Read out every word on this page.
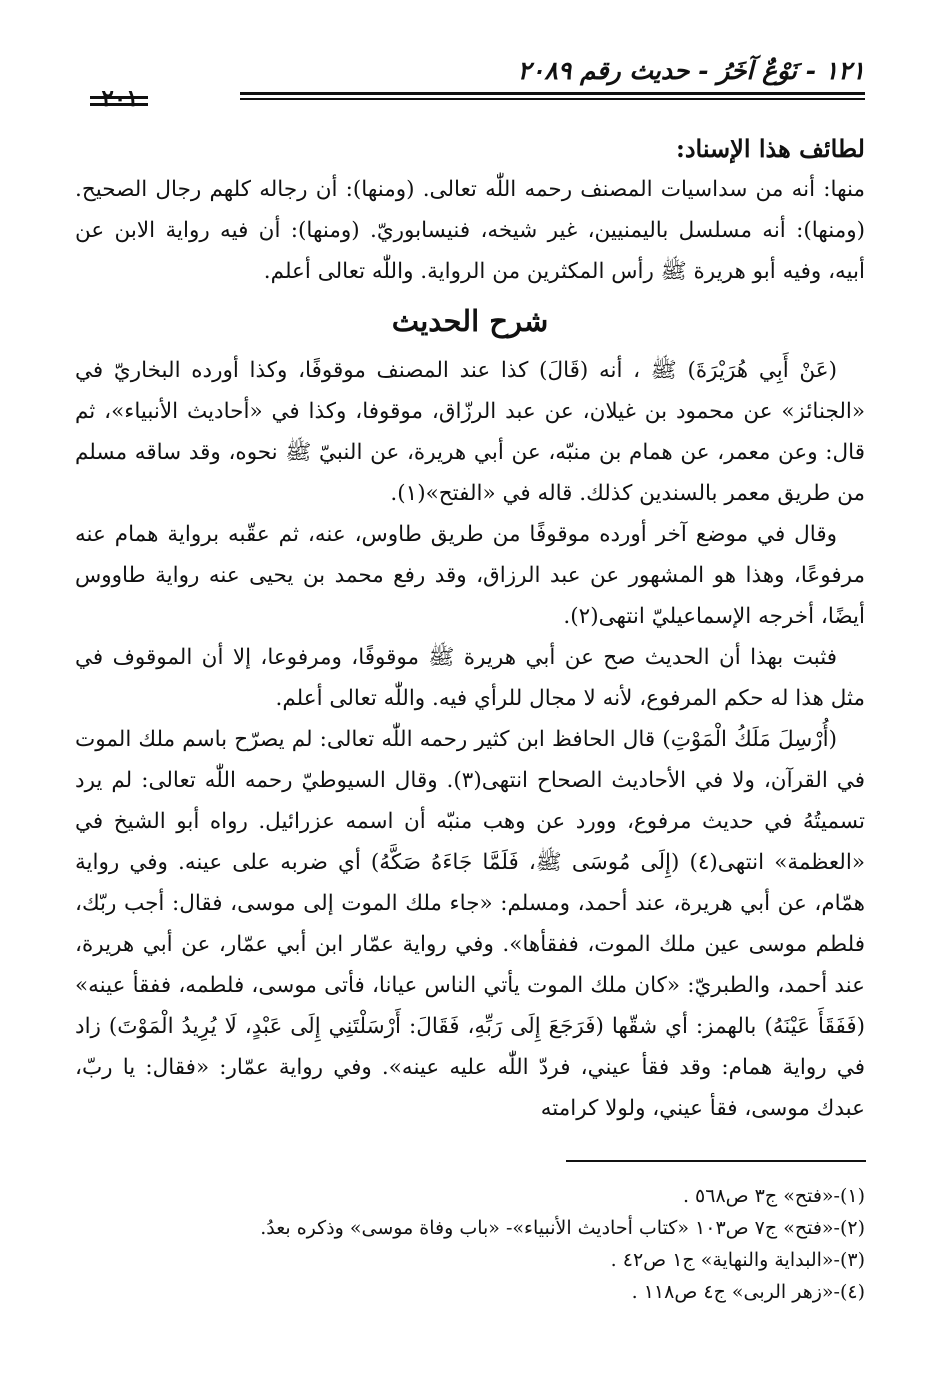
١٢١ - نَوْعٌ آخَرُ - حديث رقم ٢٠٨٩

لطائف هذا الإسناد:

منها: أنه من سداسيات المصنف رحمه اللّٰه تعالى. (ومنها): أن رجاله كلهم رجال الصحيح. (ومنها): أنه مسلسل باليمنيين، غير شيخه، فنيسابوريّ. (ومنها): أن فيه رواية الابن عن أبيه، وفيه أبو هريرة ﷺ رأس المكثرين من الرواية. واللّٰه تعالى أعلم.

شرح الحديث

(عَنْ أَبِي هُرَيْرَةَ) ﷺ ، أنه (قَالَ) كذا عند المصنف موقوفًا، وكذا أورده البخاريّ في «الجنائز» عن محمود بن غيلان، عن عبد الرزّاق، موقوفا، وكذا في «أحاديث الأنبياء»، ثم قال: وعن معمر، عن همام بن منبّه، عن أبي هريرة، عن النبيّ ﷺ نحوه، وقد ساقه مسلم من طريق معمر بالسندين كذلك. قاله في «الفتح»(١).

وقال في موضع آخر أورده موقوفًا من طريق طاوس، عنه، ثم عقّبه برواية همام عنه مرفوعًا، وهذا هو المشهور عن عبد الرزاق، وقد رفع محمد بن يحيى عنه رواية طاووس أيضًا، أخرجه الإسماعيليّ انتهى(٢).

فثبت بهذا أن الحديث صح عن أبي هريرة ﷺ موقوفًا، ومرفوعا، إلا أن الموقوف في مثل هذا له حكم المرفوع، لأنه لا مجال للرأي فيه. واللّٰه تعالى أعلم.

(أُرْسِلَ مَلَكُ الْمَوْتِ) قال الحافظ ابن كثير رحمه اللّٰه تعالى: لم يصرّح باسم ملك الموت في القرآن، ولا في الأحاديث الصحاح انتهى(٣). وقال السيوطيّ رحمه اللّٰه تعالى: لم يرد تسميتُهُ في حديث مرفوع، وورد عن وهب منبّه أن اسمه عزرائيل. رواه أبو الشيخ في «العظمة» انتهى(٤) (إِلَى مُوسَى ﷺ، فَلَمَّا جَاءَهُ صَكَّهُ) أي ضربه على عينه. وفي رواية همّام، عن أبي هريرة، عند أحمد، ومسلم: «جاء ملك الموت إلى موسى، فقال: أجب ربّك، فلطم موسى عين ملك الموت، ففقأها». وفي رواية عمّار ابن أبي عمّار، عن أبي هريرة، عند أحمد، والطبريّ: «كان ملك الموت يأتي الناس عيانا، فأتى موسى، فلطمه، ففقأ عينه» (فَفَقَأَ عَيْنَهُ) بالهمز: أي شقّها (فَرَجَعَ إِلَى رَبِّهِ، فَقَالَ: أَرْسَلْتَنِي إِلَى عَبْدٍ، لَا يُرِيدُ الْمَوْتَ) زاد في رواية همام: وقد فقأ عيني، فردّ اللّٰه عليه عينه». وفي رواية عمّار: «فقال: يا ربّ، عبدك موسى، فقأ عيني، ولولا كرامته

(١)-«فتح» ج٣ ص٥٦٨ .

(٢)-«فتح» ج٧ ص١٠٣ «كتاب أحاديث الأنبياء»- «باب وفاة موسى» وذكره بعدُ.

(٣)-«البداية والنهاية» ج١ ص٤٢ .

(٤)-«زهر الربى» ج٤ ص١١٨ .
